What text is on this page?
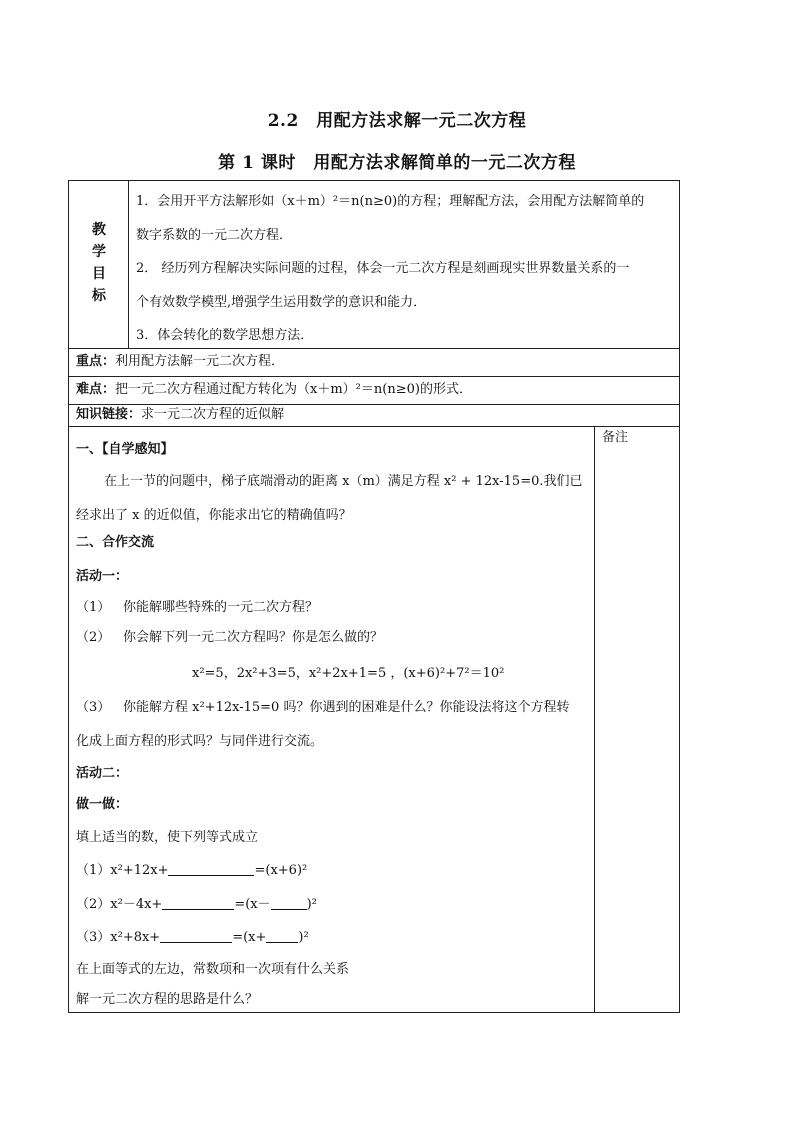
2.2　用配方法求解一元二次方程
第 1 课时　用配方法求解简单的一元二次方程
教
学
目
标
1．会用开平方法解形如（x＋m）²＝n(n≥0)的方程；理解配方法，会用配方法解简单的
数字系数的一元二次方程．
2． 经历列方程解决实际问题的过程，体会一元二次方程是刻画现实世界数量关系的一
个有效数学模型,增强学生运用数学的意识和能力．
3．体会转化的数学思想方法．
重点：利用配方法解一元二次方程．
难点：把一元二次方程通过配方转化为（x＋m）²＝n(n≥0)的形式．
知识链接：求一元二次方程的近似解
备注
一、【自学感知】
在上一节的问题中，梯子底端滑动的距离 x（m）满足方程 x² + 12x-15=0.我们已
经求出了 x 的近似值，你能求出它的精确值吗？
二、合作交流
活动一：
（1） 你能解哪些特殊的一元二次方程？
（2） 你会解下列一元二次方程吗？你是怎么做的？
x²=5，2x²+3=5，x²+2x+1=5 ，(x+6)²+7²＝10²
（3） 你能解方程 x²+12x-15=0 吗？你遇到的困难是什么？你能设法将这个方程转
化成上面方程的形式吗？与同伴进行交流。
活动二：
做一做：
填上适当的数，使下列等式成立
（1）x²+12x+	=(x+6)²
（2）x²－4x+	=(x－	)²
（3）x²+8x+	=(x+ )²
在上面等式的左边，常数项和一次项有什么关系
解一元二次方程的思路是什么？
